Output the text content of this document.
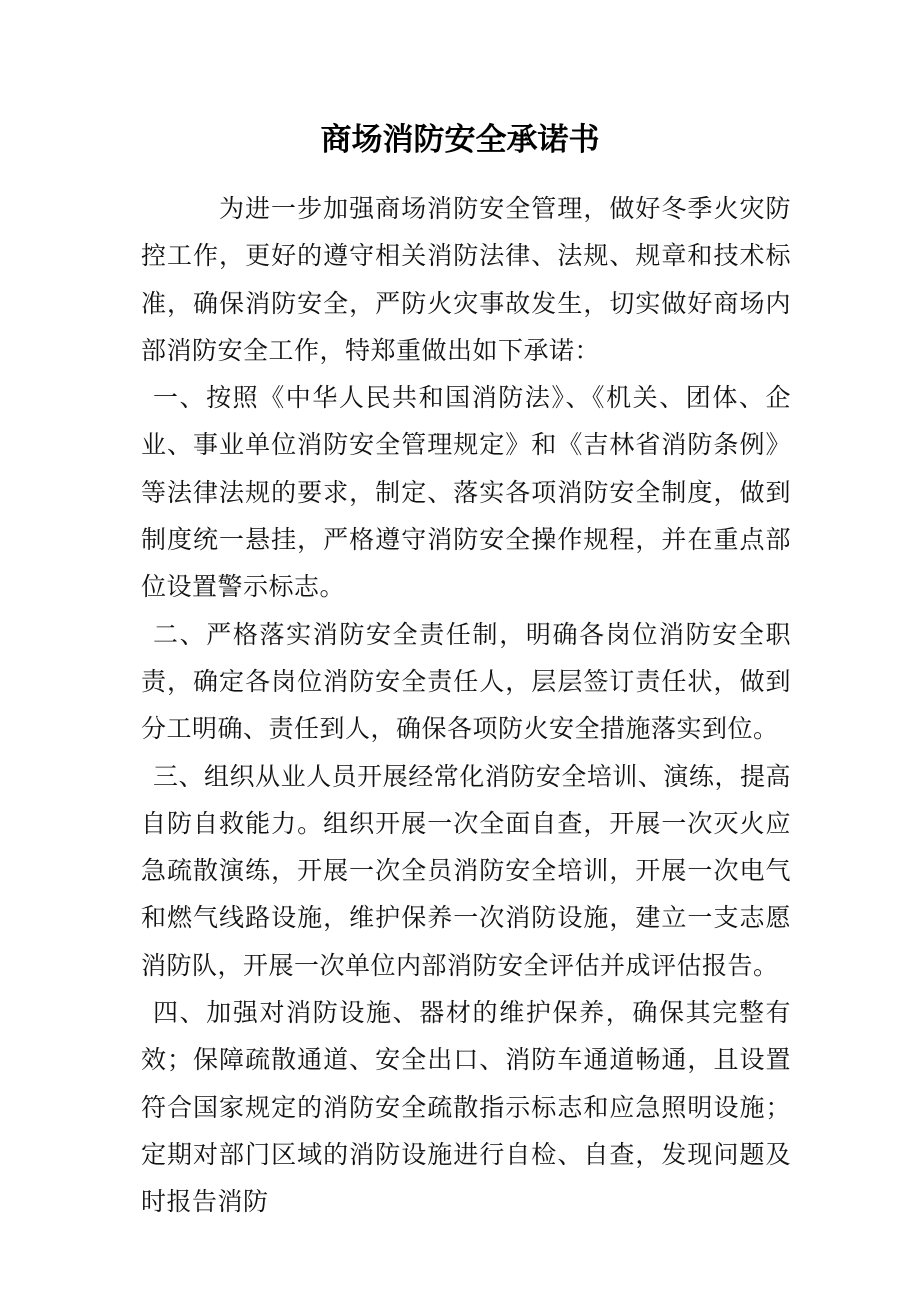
商场消防安全承诺书

为进一步加强商场消防安全管理，做好冬季火灾防控工作，更好的遵守相关消防法律、法规、规章和技术标准，确保消防安全，严防火灾事故发生，切实做好商场内部消防安全工作，特郑重做出如下承诺：

一、按照《中华人民共和国消防法》、《机关、团体、企业、事业单位消防安全管理规定》和《吉林省消防条例》等法律法规的要求，制定、落实各项消防安全制度，做到制度统一悬挂，严格遵守消防安全操作规程，并在重点部位设置警示标志。

二、严格落实消防安全责任制，明确各岗位消防安全职责，确定各岗位消防安全责任人，层层签订责任状，做到分工明确、责任到人，确保各项防火安全措施落实到位。

三、组织从业人员开展经常化消防安全培训、演练，提高自防自救能力。组织开展一次全面自查，开展一次灭火应急疏散演练，开展一次全员消防安全培训，开展一次电气和燃气线路设施，维护保养一次消防设施，建立一支志愿消防队，开展一次单位内部消防安全评估并成评估报告。

四、加强对消防设施、器材的维护保养，确保其完整有效；保障疏散通道、安全出口、消防车通道畅通，且设置符合国家规定的消防安全疏散指示标志和应急照明设施；定期对部门区域的消防设施进行自检、自查，发现问题及时报告消防
